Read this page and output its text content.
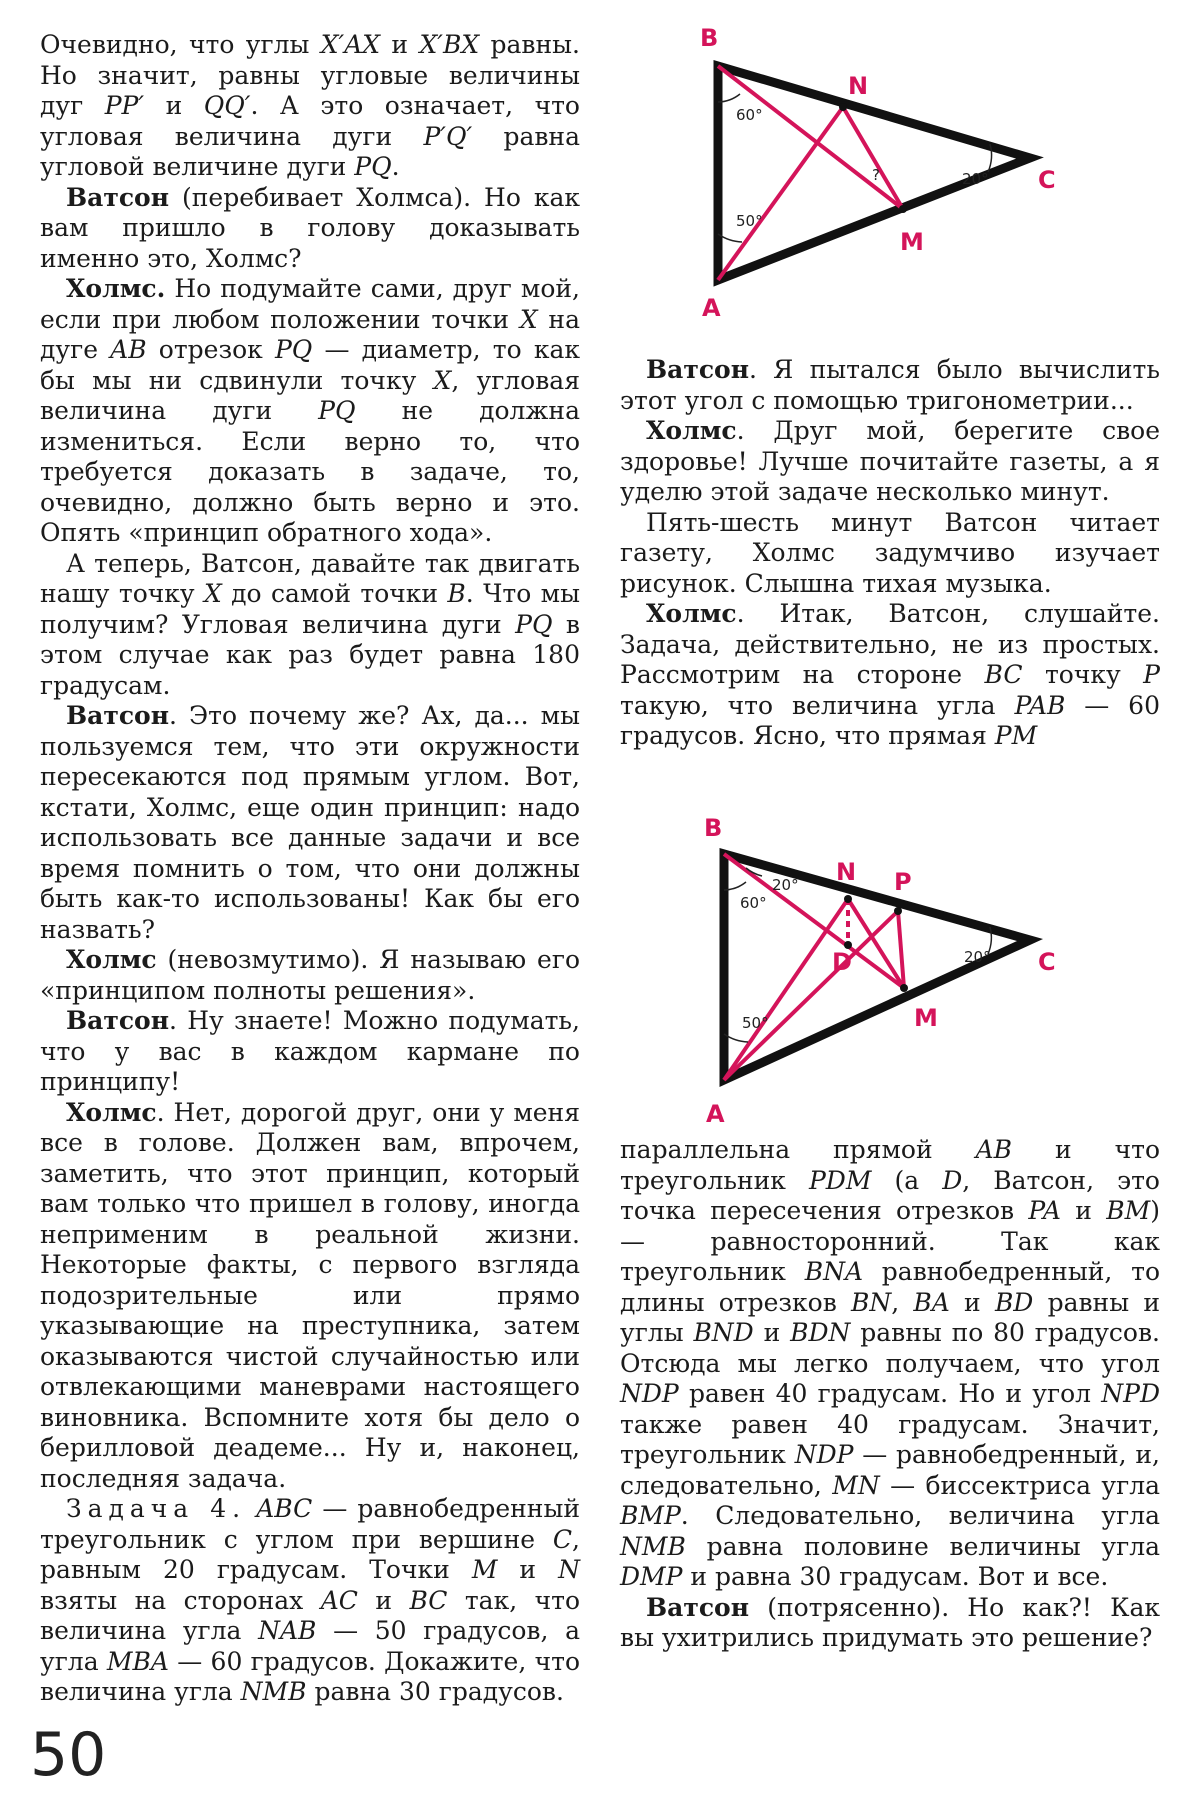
Очевидно, что углы X′AX и X′BX равны. Но значит, равны угловые величины дуг PP′ и QQ′. А это означает, что угловая величина дуги P′Q′ равна угловой величине дуги PQ.

Ватсон (перебивает Холмса). Но как вам пришло в голову доказывать именно это, Холмс?

Холмс. Но подумайте сами, друг мой, если при любом положении точки X на дуге AB отрезок PQ — диаметр, то как бы мы ни сдвинули точку X, угловая величина дуги PQ не должна измениться. Если верно то, что требуется доказать в задаче, то, очевидно, должно быть верно и это. Опять «принцип обратного хода».

А теперь, Ватсон, давайте так двигать нашу точку X до самой точки B. Что мы получим? Угловая величина дуги PQ в этом случае как раз будет равна 180 градусам.

Ватсон. Это почему же? Ах, да... мы пользуемся тем, что эти окружности пересекаются под прямым углом. Вот, кстати, Холмс, еще один принцип: надо использовать все данные задачи и все время помнить о том, что они должны быть как-то использованы! Как бы его назвать?

Холмс (невозмутимо). Я называю его «принципом полноты решения».

Ватсон. Ну знаете! Можно подумать, что у вас в каждом кармане по принципу!

Холмс. Нет, дорогой друг, они у меня все в голове. Должен вам, впрочем, заметить, что этот принцип, который вам только что пришел в голову, иногда неприменим в реальной жизни. Некоторые факты, с первого взгляда подозрительные или прямо указывающие на преступника, затем оказываются чистой случайностью или отвлекающими маневрами настоящего виновника. Вспомните хотя бы дело о берилловой деадеме... Ну и, наконец, последняя задача.

Задача 4. ABC — равнобедренный треугольник с углом при вершине C, равным 20 градусам. Точки M и N взяты на сторонах AC и BC так, что величина угла NAB — 50 градусов, а угла MBA — 60 градусов. Докажите, что величина угла NMB равна 30 градусов.

B
A
C
N
M
60°
50°
20°
?

Ватсон. Я пытался было вычислить этот угол с помощью тригонометрии...

Холмс. Друг мой, берегите свое здоровье! Лучше почитайте газеты, а я уделю этой задаче несколько минут.

Пять-шесть минут Ватсон читает газету, Холмс задумчиво изучает рисунок. Слышна тихая музыка.

Холмс. Итак, Ватсон, слушайте. Задача, действительно, не из простых. Рассмотрим на стороне BC точку P такую, что величина угла PAB — 60 градусов. Ясно, что прямая PM

B
A
C
N P
M
D
60°
20°
50°
20°

параллельна прямой AB и что треугольник PDM (а D, Ватсон, это точка пересечения отрезков PA и BM) — равносторонний. Так как треугольник BNA равнобедренный, то длины отрезков BN, BA и BD равны и углы BND и BDN равны по 80 градусов. Отсюда мы легко получаем, что угол NDP равен 40 градусам. Но и угол NPD также равен 40 градусам. Значит, треугольник NDP — равнобедренный, и, следовательно, MN — биссектриса угла BMP. Следовательно, величина угла NMB равна половине величины угла DMP и равна 30 градусам. Вот и все.

Ватсон (потрясенно). Но как?! Как вы ухитрились придумать это решение?

50
